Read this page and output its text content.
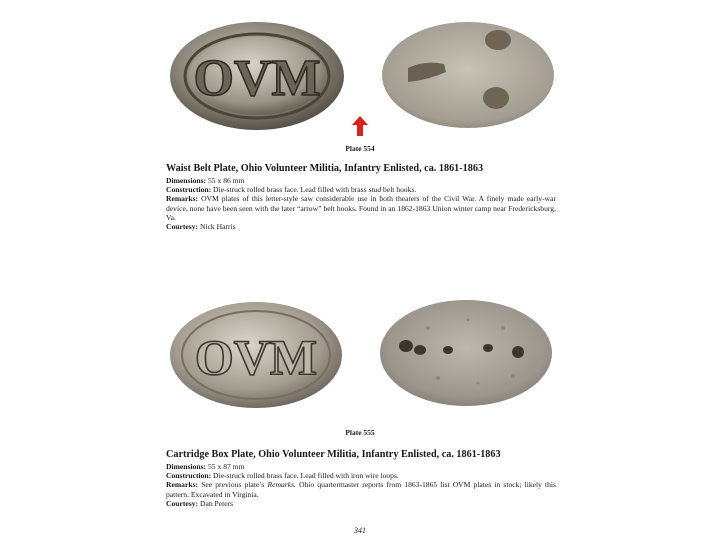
OVM
Plate 554
Waist Belt Plate, Ohio Volunteer Militia, Infantry Enlisted, ca. 1861-1863
Dimensions: 55 x 86 mm
Construction: Die-struck rolled brass face. Lead filled with brass stud belt hooks.
Remarks: OVM plates of this letter-style saw considerable use in both theaters of the Civil War. A finely made early-war device, none have been seen with the later “arrow” belt hooks. Found in an 1862-1863 Union winter camp near Fredericksburg, Va.
Courtesy: Nick Harris
OVM
Plate 555
Cartridge Box Plate, Ohio Volunteer Militia, Infantry Enlisted, ca. 1861-1863
Dimensions: 55 x 87 mm
Construction: Die-struck rolled brass face. Lead filled with iron wire loops.
Remarks: See previous plate’s Remarks. Ohio quartermaster reports from 1863-1865 list OVM plates in stock; likely this pattern. Excavated in Virginia.
Courtesy: Dan Peters
341
